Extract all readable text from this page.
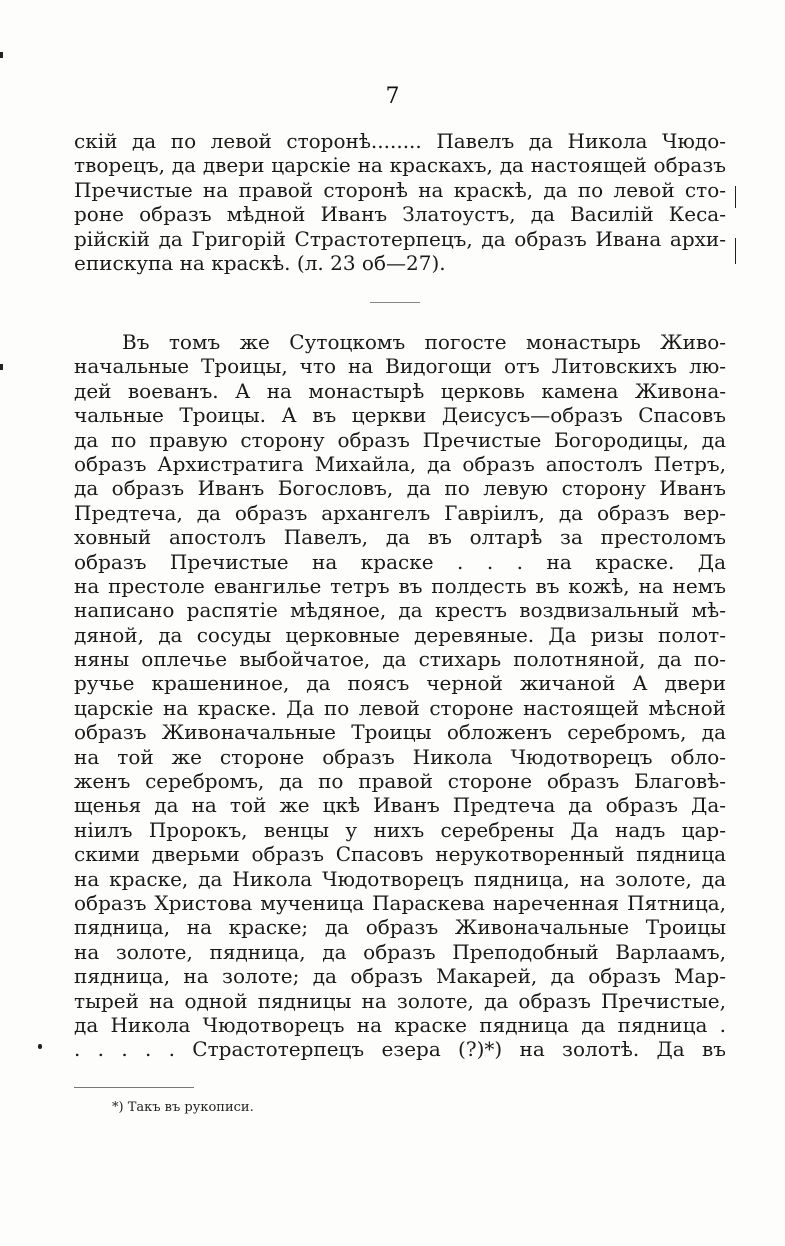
7
скій да по левой сторонѣ........ Павелъ да Никола Чюдо-
творецъ, да двери царскіе на краскахъ, да настоящей образъ
Пречистые на правой сторонѣ на краскѣ, да по левой сто-
роне образъ мѣдной Иванъ Златоустъ, да Василій Кеса-
рійскій да Григорій Страстотерпецъ, да образъ Ивана архи-
епискупа на краскѣ. (л. 23 об—27).
Въ томъ же Сутоцкомъ погосте монастырь Живо-
начальные Троицы, что на Видогощи отъ Литовскихъ лю-
дей воеванъ. А на монастырѣ церковь камена Живона-
чальные Троицы. А въ церкви Деисусъ—образъ Спасовъ
да по правую сторону образъ Пречистые Богородицы, да
образъ Архистратига Михайла, да образъ апостолъ Петръ,
да образъ Иванъ Богословъ, да по левую сторону Иванъ
Предтеча, да образъ архангелъ Гавріилъ, да образъ вер-
ховный апостолъ Павелъ, да въ олтарѣ за престоломъ
образъ Пречистые на краске . . . на краске. Да
на престоле евангилье тетръ въ полдесть въ кожѣ, на немъ
написано распятіе мѣдяное, да крестъ воздвизальный мѣ-
дяной, да сосуды церковные деревяные. Да ризы полот-
няны оплечье выбойчатое, да стихарь полотняной, да по-
ручье крашениное, да поясъ черной жичаной А двери
царскіе на краске. Да по левой стороне настоящей мѣсной
образъ Живоначальные Троицы обложенъ серебромъ, да
на той же стороне образъ Никола Чюдотворецъ обло-
женъ серебромъ, да по правой стороне образъ Благовѣ-
щенья да на той же цкѣ Иванъ Предтеча да образъ Да-
ніилъ Пророкъ, венцы у нихъ серебрены Да надъ цар-
скими дверьми образъ Спасовъ нерукотворенный пядница
на краске, да Никола Чюдотворецъ пядница, на золоте, да
образъ Христова мученица Параскева нареченная Пятница,
пядница, на краске; да образъ Живоначальные Троицы
на золоте, пядница, да образъ Преподобный Варлаамъ,
пядница, на золоте; да образъ Макарей, да образъ Мар-
тырей на одной пядницы на золоте, да образъ Пречистые,
да Никола Чюдотворецъ на краске пядница да пядница .
. . . . . Страстотерпецъ езера (?)*) на золотѣ. Да въ
*) Такъ въ рукописи.
